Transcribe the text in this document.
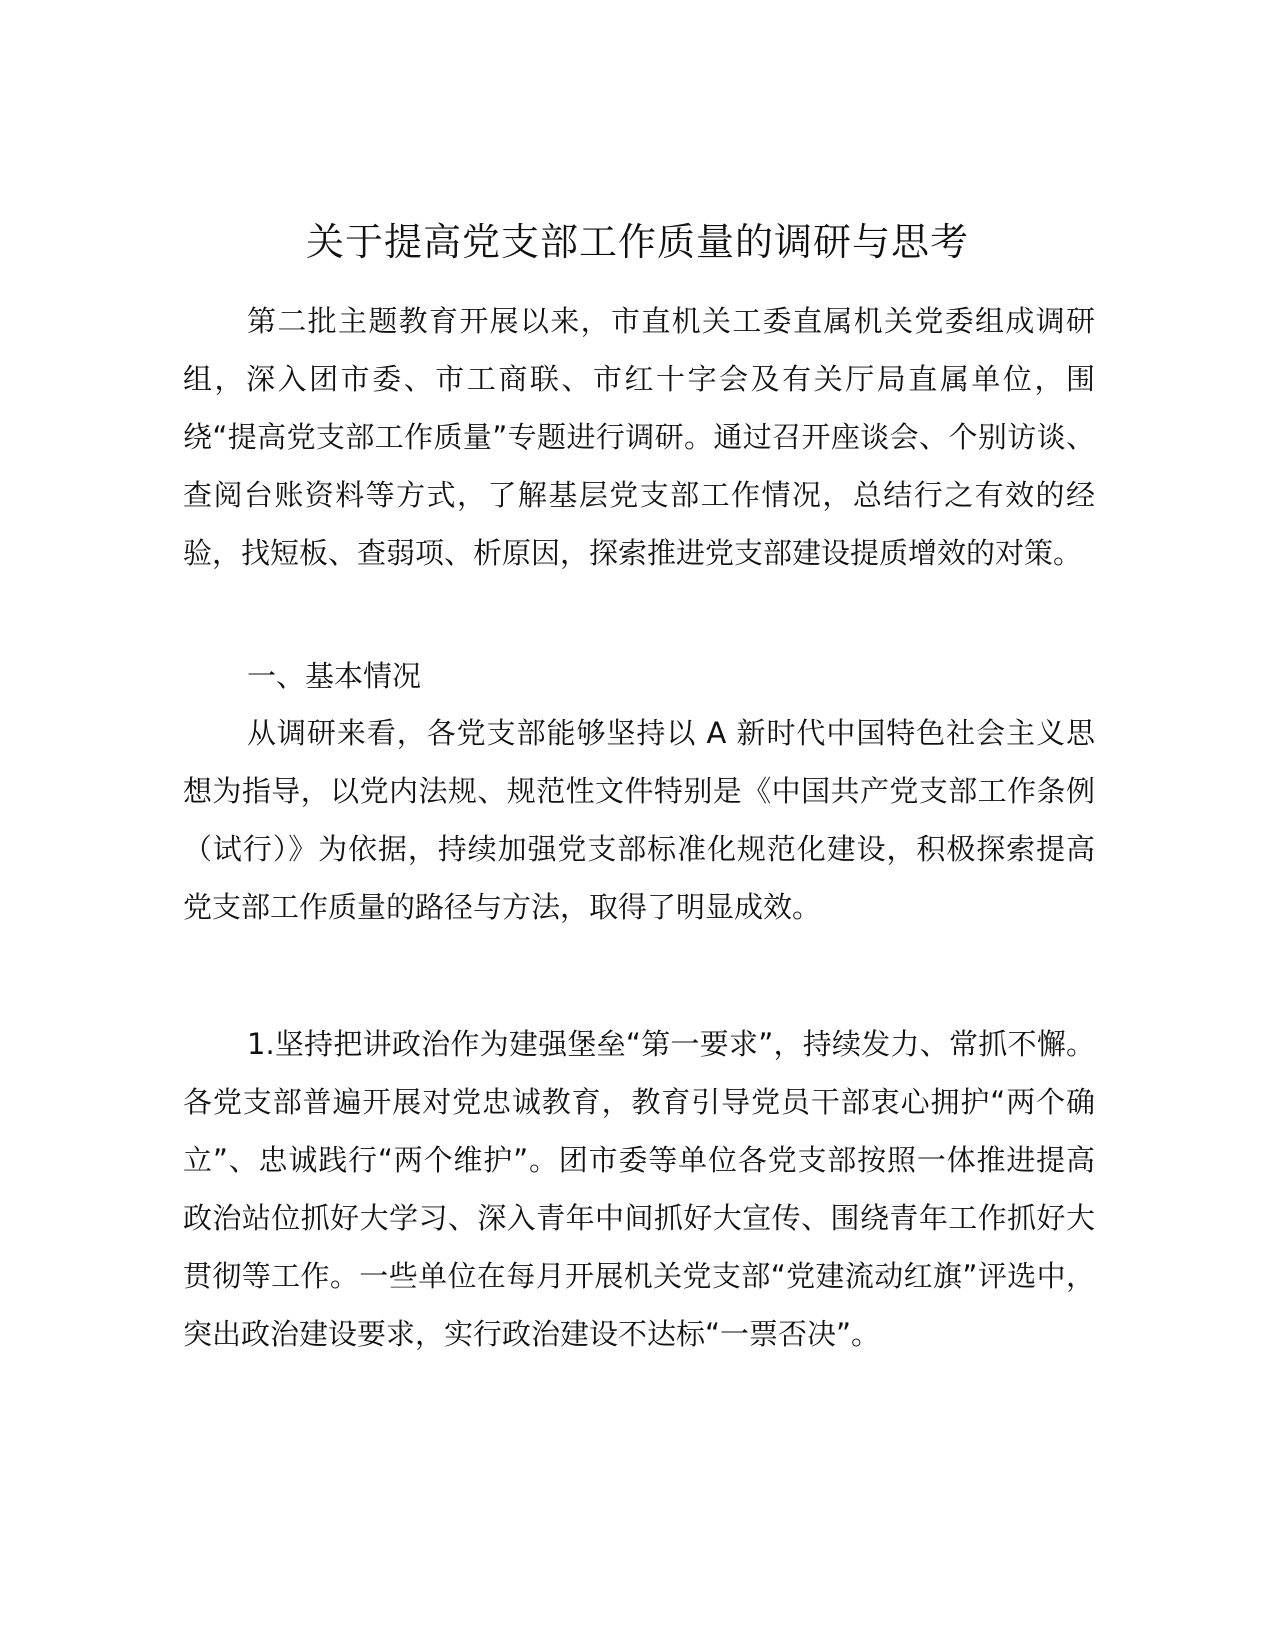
关于提高党支部工作质量的调研与思考

第二批主题教育开展以来，市直机关工委直属机关党委组成调研组，深入团市委、市工商联、市红十字会及有关厅局直属单位，围绕“提高党支部工作质量”专题进行调研。通过召开座谈会、个别访谈、查阅台账资料等方式，了解基层党支部工作情况，总结行之有效的经验，找短板、查弱项、析原因，探索推进党支部建设提质增效的对策。

一、基本情况

从调研来看，各党支部能够坚持以 A 新时代中国特色社会主义思想为指导，以党内法规、规范性文件特别是《中国共产党支部工作条例（试行）》为依据，持续加强党支部标准化规范化建设，积极探索提高党支部工作质量的路径与方法，取得了明显成效。

1.坚持把讲政治作为建强堡垒“第一要求”，持续发力、常抓不懈。各党支部普遍开展对党忠诚教育，教育引导党员干部衷心拥护“两个确立”、忠诚践行“两个维护”。团市委等单位各党支部按照一体推进提高政治站位抓好大学习、深入青年中间抓好大宣传、围绕青年工作抓好大贯彻等工作。一些单位在每月开展机关党支部“党建流动红旗”评选中，突出政治建设要求，实行政治建设不达标“一票否决”。
